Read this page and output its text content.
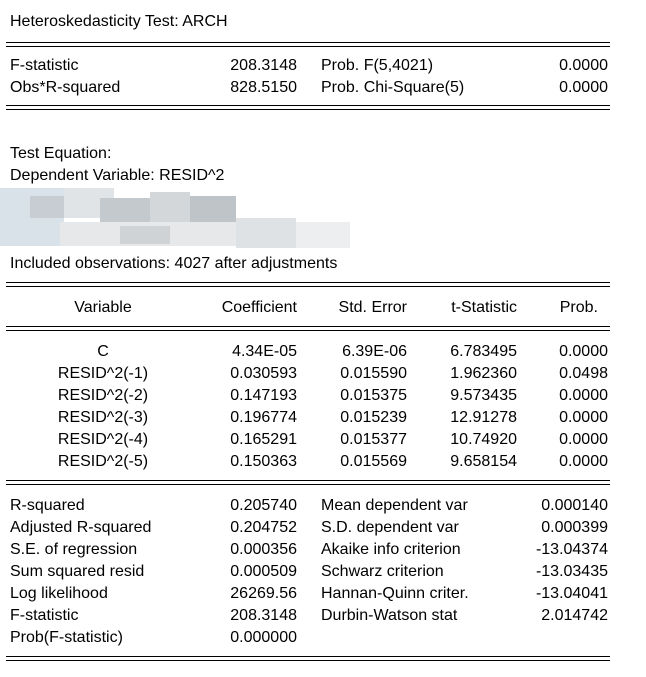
Heteroskedasticity Test: ARCH
F-statistic	208.3148 Prob. F(5,4021)	0.0000
Obs*R-squared	828.5150 Prob. Chi-Square(5)	0.0000
Test Equation:
Dependent Variable: RESID^2
Included observations: 4027 after adjustments
Variable	Coefficient	Std. Error	t-Statistic	Prob.
C	4.34E-05	6.39E-06	6.783495	0.0000
RESID^2(-1)	0.030593	0.015590	1.962360	0.0498
RESID^2(-2)	0.147193	0.015375	9.573435	0.0000
RESID^2(-3)	0.196774	0.015239	12.91278	0.0000
RESID^2(-4)	0.165291	0.015377	10.74920	0.0000
RESID^2(-5)	0.150363	0.015569	9.658154	0.0000
R-squared	0.205740 Mean dependent var	0.000140
Adjusted R-squared	0.204752 S.D. dependent var	0.000399
S.E. of regression	0.000356 Akaike info criterion	-13.04374
Sum squared resid	0.000509 Schwarz criterion	-13.03435
Log likelihood	26269.56 Hannan-Quinn criter.	-13.04041
F-statistic	208.3148 Durbin-Watson stat	2.014742
Prob(F-statistic)	0.000000
